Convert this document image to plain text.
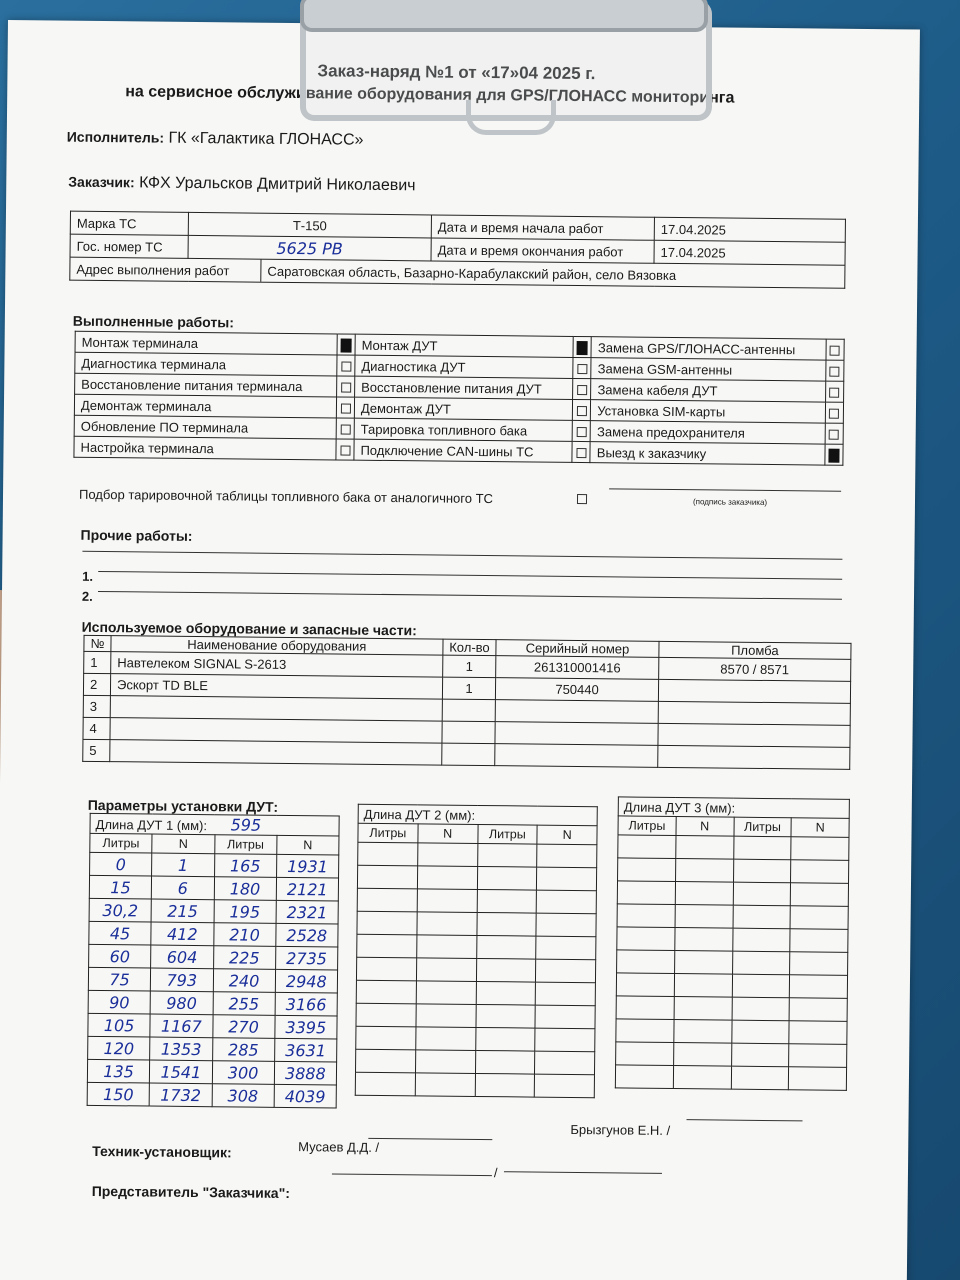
Заказ-наряд №1 от «17»04 2025 г.
на сервисное обслуживание оборудования для GPS/ГЛОНАСС мониторинга
Исполнитель: ГК «Галактика ГЛОНАСС»
Заказчик: КФХ Уральсков Дмитрий Николаевич
Марка ТС	Т-150	Дата и время начала работ	17.04.2025
Гос. номер ТС	5625 РВ	Дата и время окончания работ	17.04.2025

Адрес выполнения работ	Саратовская область, Базарно-Карабулакский район, село Вязовка
Выполненные работы:
Монтаж терминала		Монтаж ДУТ		Замена GPS/ГЛОНАСС-антенны	
Диагностика терминала		Диагностика ДУТ		Замена GSM-антенны	
Восстановление питания терминала		Восстановление питания ДУТ		Замена кабеля ДУТ	
Демонтаж терминала		Демонтаж ДУТ		Установка SIM-карты	
Обновление ПО терминала		Тарировка топливного бака		Замена предохранителя	
Настройка терминала		Подключение CAN-шины ТС		Выезд к заказчику	
Подбор тарировочной таблицы топливного бака от аналогичного ТС	(подпись заказчика)
Прочие работы:
1.
2.
Используемое оборудование и запасные части:
№	Наименование оборудования	Кол-во	Серийный номер	Пломба
1	Навтелеком SIGNAL S-2613	1	261310001416	8570 / 8571
2	Эскорт TD BLE	1	750440	
3				
4				
5				
Параметры установки ДУТ:
Длина ДУТ 1 (мм): 595			
Литры	N	Литры	N
0	1	165	1931
15	6	180	2121
30,2	215	195	2321
45	412	210	2528
60	604	225	2735
75	793	240	2948
90	980	255	3166
105	1167	270	3395
120	1353	285	3631
135	1541	300	3888
150	1732	308	4039
Длина ДУТ 2 (мм):			
Литры	N	Литры	N

Длина ДУТ 3 (мм):			
Литры	N	Литры	N

Брызгунов Е.Н. /
Техник-установщик:	Мусаев Д.Д. /
Представитель "Заказчика":
/
